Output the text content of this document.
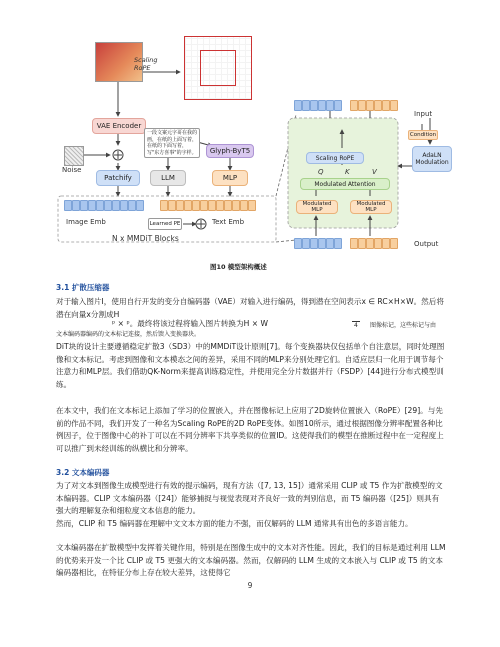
Scaling
RoPE
VAE Encoder
Noise
Patchify
一段文案元字哥在我的画，在纸的上面写着，在纸的下面写着，写"东方喜事"的字样。
LLM
Glyph-ByT5
MLP
Image Emb	Learned PE	Text Emb
N x MMDiT Blocks
Input
Condition
AdaLN
Modulation
Scaling RoPE
Q	K	V
Modulated Attention
Modulated MLP
Modulated MLP
Output
图10 模型架构概述
3.1 扩散压缩器

对于输入图片I，使用自行开发的变分自编码器（VAE）对输入进行编码，得到潜在空间表示x ∈ RC×H×W。然后将潜在向量x分割成H

ᵖ × ᵖ。最终将该过程将输入图片转换为H × W	4	图像标记，这些标记与由

文本编码器编码的文本标记连接，然后馈入变换器块。

DiT块的设计主要遵循稳定扩散3（SD3）中的MMDiT设计原则[7]。每个变换器块仅包括单个自注意层，同时处理图像和文本标记。考虑到图像和文本模态之间的差异，采用不同的MLP来分别处理它们。自适应层归一化用于调节每个注意力和MLP层。我们借助QK-Norm来提高训练稳定性，并使用完全分片数据并行（FSDP）[44]进行分布式模型训练。

在本文中，我们在文本标记上添加了学习的位置嵌入，并在图像标记上应用了2D旋转位置嵌入（RoPE）[29]。与先前的作品不同，我们开发了一种名为Scaling RoPE的2D RoPE变体。如图10所示，通过根据图像分辨率配置各种比例因子，位于图像中心的补丁可以在不同分辨率下共享类似的位置ID。这使得我们的模型在推断过程中在一定程度上可以推广到未经训练的纵横比和分辨率。

3.2 文本编码器

为了对文本到图像生成模型进行有效的提示编码，现有方法（[7, 13, 15]）通常采用 CLIP 或 T5 作为扩散模型的文本编码器。CLIP 文本编码器（[24]）能够捕捉与视觉表现对齐良好一致的判别信息，而 T5 编码器（[25]）则具有强大的理解复杂和细粒度文本信息的能力。

然而，CLIP 和 T5 编码器在理解中文文本方面的能力不强，而仅解码的 LLM 通常具有出色的多语言能力。

文本编码器在扩散模型中发挥着关键作用，特别是在图像生成中的文本对齐性能。因此，我们的目标是通过利用 LLM 的优势来开发一个比 CLIP 或 T5 更强大的文本编码器。然而，仅解码的 LLM 生成的文本嵌入与 CLIP 或 T5 的文本编码器相比，在特征分布上存在较大差异，这使得它

9
